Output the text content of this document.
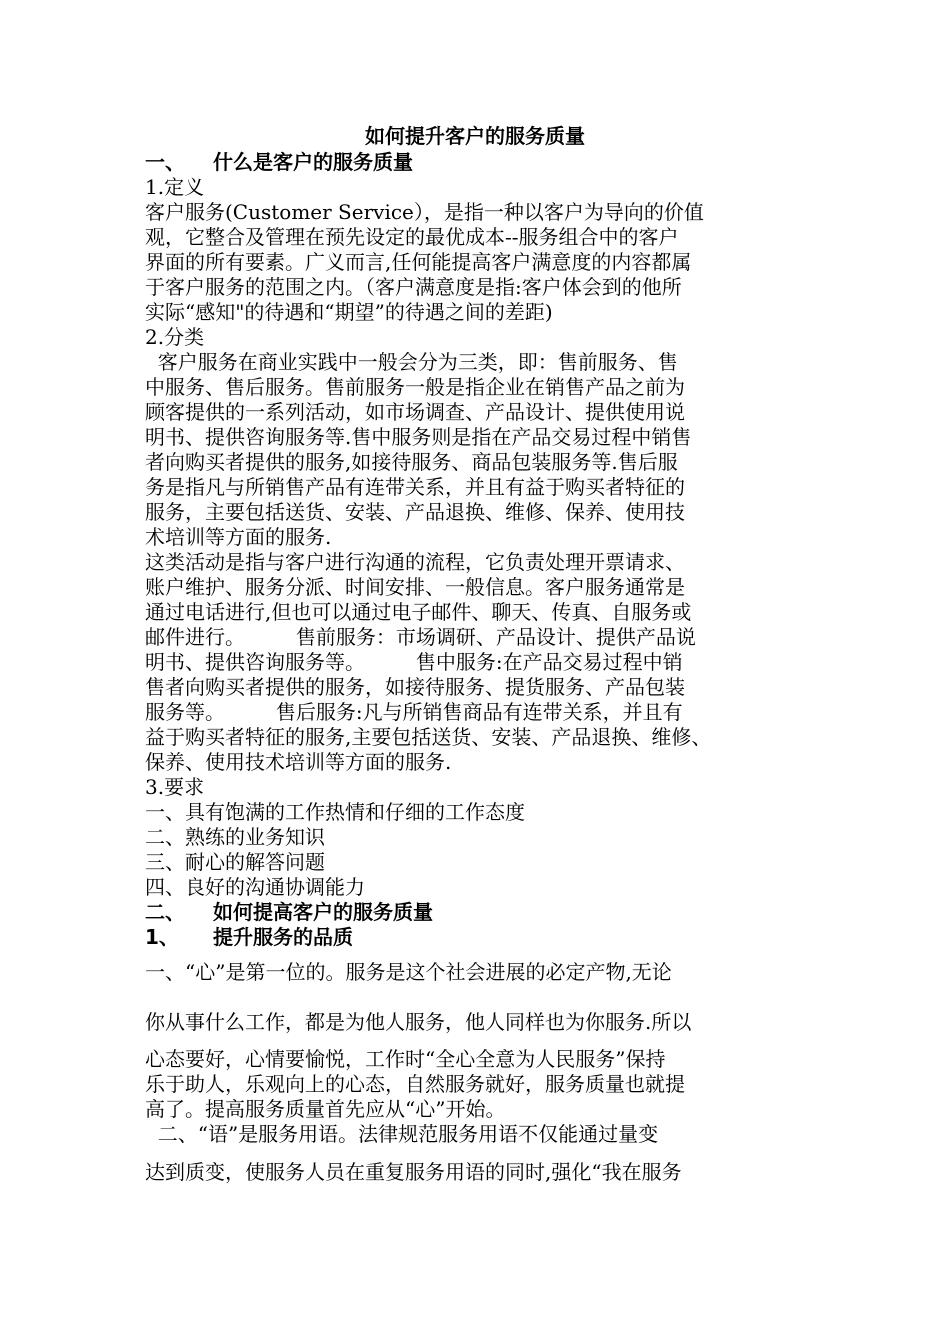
如何提升客户的服务质量
一、 什么是客户的服务质量
1.定义
客户服务(Customer Service），是指一种以客户为导向的价值
观，它整合及管理在预先设定的最优成本--服务组合中的客户
界面的所有要素。广义而言,任何能提高客户满意度的内容都属
于客户服务的范围之内。（客户满意度是指:客户体会到的他所
实际“感知"的待遇和“期望”的待遇之间的差距)
2.分类
客户服务在商业实践中一般会分为三类，即：售前服务、售
中服务、售后服务。售前服务一般是指企业在销售产品之前为
顾客提供的一系列活动，如市场调查、产品设计、提供使用说
明书、提供咨询服务等.售中服务则是指在产品交易过程中销售
者向购买者提供的服务,如接待服务、商品包装服务等.售后服
务是指凡与所销售产品有连带关系，并且有益于购买者特征的
服务，主要包括送货、安装、产品退换、维修、保养、使用技
术培训等方面的服务.
这类活动是指与客户进行沟通的流程，它负责处理开票请求、
账户维护、服务分派、时间安排、一般信息。客户服务通常是
通过电话进行,但也可以通过电子邮件、聊天、传真、自服务或
邮件进行。        售前服务：市场调研、产品设计、提供产品说
明书、提供咨询服务等。        售中服务:在产品交易过程中销
售者向购买者提供的服务，如接待服务、提货服务、产品包装
服务等。        售后服务:凡与所销售商品有连带关系，并且有
益于购买者特征的服务,主要包括送货、安装、产品退换、维修、
保养、使用技术培训等方面的服务.
3.要求
一、具有饱满的工作热情和仔细的工作态度
二、熟练的业务知识
三、耐心的解答问题
四、良好的沟通协调能力
二、 如何提高客户的服务质量
1、 提升服务的品质
一、“心”是第一位的。服务是这个社会进展的必定产物,无论
你从事什么工作，都是为他人服务，他人同样也为你服务.所以
心态要好，心情要愉悦，工作时“全心全意为人民服务”保持
乐于助人，乐观向上的心态，自然服务就好，服务质量也就提
高了。提高服务质量首先应从“心”开始。
二、“语”是服务用语。法律规范服务用语不仅能通过量变
达到质变，使服务人员在重复服务用语的同时,强化“我在服务
